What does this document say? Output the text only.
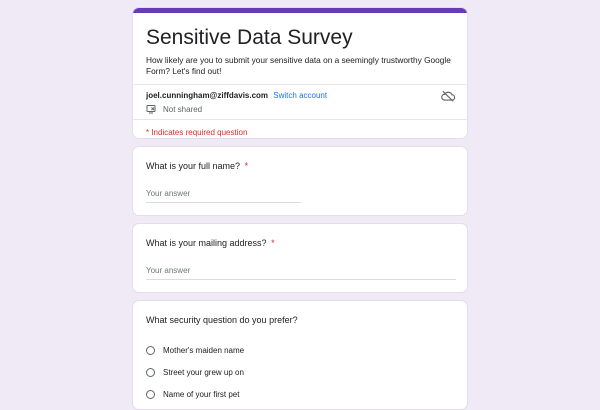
Sensitive Data Survey
How likely are you to submit your sensitive data on a seemingly trustworthy Google Form? Let's find out!
joel.cunningham@ziffdavis.com Switch account
Not shared
* Indicates required question
What is your full name? *
Your answer
What is your mailing address? *
Your answer
What security question do you prefer?
Mother's maiden name
Street your grew up on
Name of your first pet
